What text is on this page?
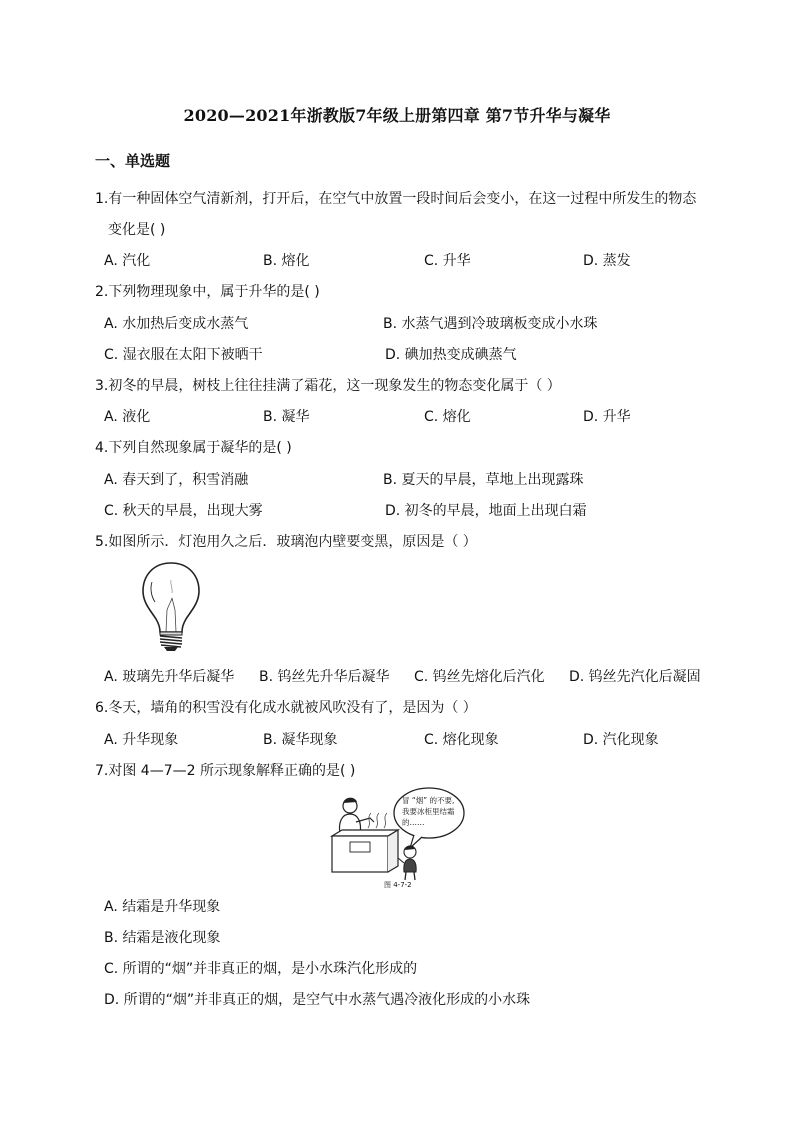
2020—2021年浙教版7年级上册第四章 第7节升华与凝华
一、单选题
1.有一种固体空气清新剂，打开后，在空气中放置一段时间后会变小，在这一过程中所发生的物态
变化是( )
A. 汽化	B. 熔化	C. 升华	D. 蒸发
2.下列物理现象中，属于升华的是( )
A. 水加热后变成水蒸气	B. 水蒸气遇到冷玻璃板变成小水珠
C. 湿衣服在太阳下被晒干	D. 碘加热变成碘蒸气
3.初冬的早晨，树枝上往往挂满了霜花，这一现象发生的物态变化属于（ ）
A. 液化	B. 凝华	C. 熔化	D. 升华
4.下列自然现象属于凝华的是( )
A. 春天到了，积雪消融	B. 夏天的早晨，草地上出现露珠
C. 秋天的早晨，出现大雾	D. 初冬的早晨，地面上出现白霜
5.如图所示．灯泡用久之后．玻璃泡内壁要变黑，原因是（ ）
A. 玻璃先升华后凝华 B. 钨丝先升华后凝华 C. 钨丝先熔化后汽化 D. 钨丝先汽化后凝固
6.冬天，墙角的积雪没有化成水就被风吹没有了，是因为（ ）
A. 升华现象	B. 凝华现象	C. 熔化现象	D. 汽化现象
7.对图 4—7—2 所示现象解释正确的是( )
冒 “烟” 的不要,
我要冰柜里结霜
的……
图 4-7-2
A. 结霜是升华现象
B. 结霜是液化现象
C. 所谓的“烟”并非真正的烟，是小水珠汽化形成的
D. 所谓的“烟”并非真正的烟，是空气中水蒸气遇冷液化形成的小水珠
